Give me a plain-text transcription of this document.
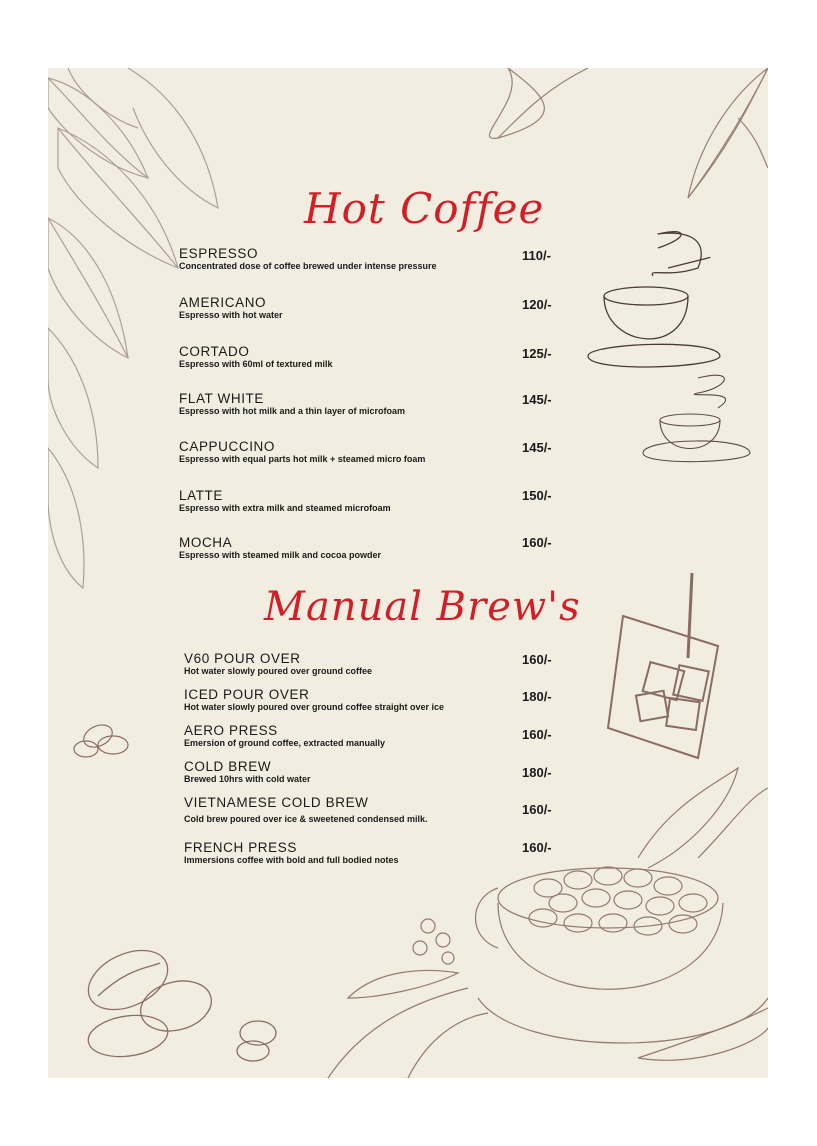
Hot Coffee
ESPRESSO
Concentrated dose of coffee brewed under intense pressure
110/-
AMERICANO
Espresso with hot water
120/-
CORTADO
Espresso with 60ml of textured milk
125/-
FLAT WHITE
Espresso with hot milk and a thin layer of microfoam
145/-
CAPPUCCINO
Espresso with equal parts hot milk + steamed micro foam
145/-
LATTE
Espresso with extra milk and steamed microfoam
150/-
MOCHA
Espresso with steamed milk and cocoa powder
160/-
Manual Brew's
V60 POUR OVER
Hot water slowly poured over ground coffee
160/-
ICED POUR OVER
Hot water slowly poured over ground coffee straight over ice
180/-
AERO PRESS
Emersion of ground coffee, extracted manually
160/-
COLD BREW
Brewed 10hrs with cold water	180/-
VIETNAMESE COLD BREW
Cold brew poured over ice & sweetened condensed milk.
160/-
FRENCH PRESS
Immersions coffee with bold and full bodied notes
160/-
